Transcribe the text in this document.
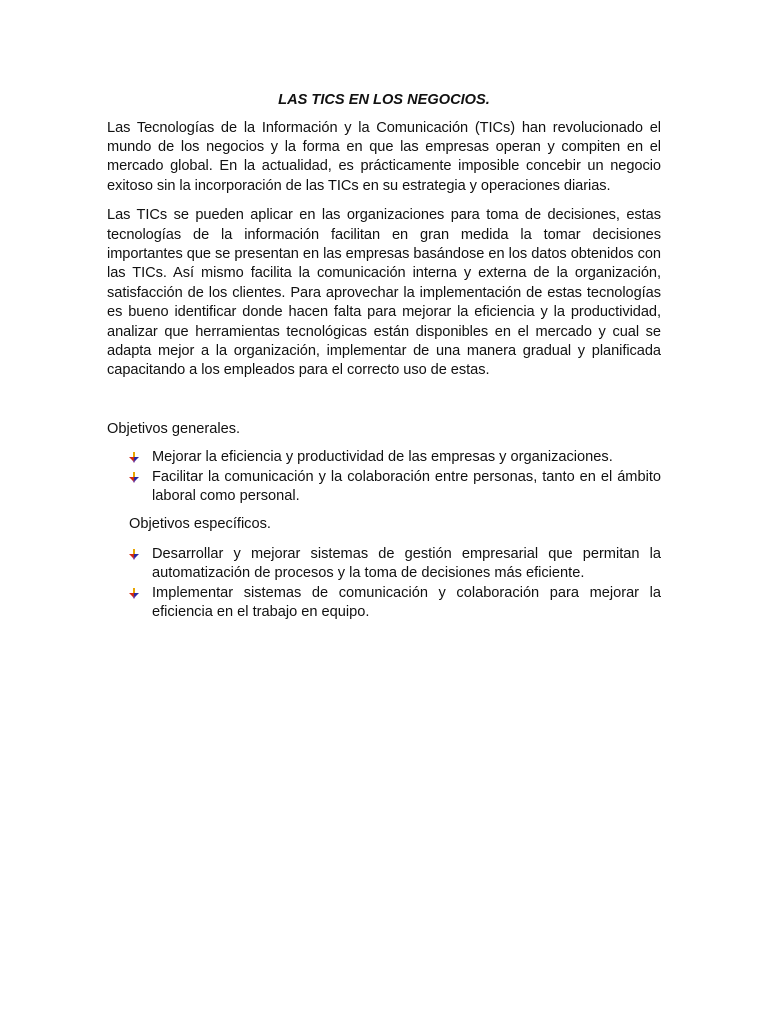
LAS TICS EN LOS NEGOCIOS.

Las Tecnologías de la Información y la Comunicación (TICs) han revolucionado el mundo de los negocios y la forma en que las empresas operan y compiten en el mercado global. En la actualidad, es prácticamente imposible concebir un negocio exitoso sin la incorporación de las TICs en su estrategia y operaciones diarias.

Las TICs se pueden aplicar en las organizaciones para toma de decisiones, estas tecnologías de la información facilitan en gran medida la tomar decisiones importantes que se presentan en las empresas basándose en los datos obtenidos con las TICs. Así mismo facilita la comunicación interna y externa de la organización, satisfacción de los clientes. Para aprovechar la implementación de estas tecnologías es bueno identificar donde hacen falta para mejorar la eficiencia y la productividad, analizar que herramientas tecnológicas están disponibles en el mercado y cual se adapta mejor a la organización, implementar de una manera gradual y planificada capacitando a los empleados para el correcto uso de estas.

Objetivos generales.

Mejorar la eficiencia y productividad de las empresas y organizaciones.
Facilitar la comunicación y la colaboración entre personas, tanto en el ámbito laboral como personal.

Objetivos específicos.

Desarrollar y mejorar sistemas de gestión empresarial que permitan la automatización de procesos y la toma de decisiones más eficiente.
Implementar sistemas de comunicación y colaboración para mejorar la eficiencia en el trabajo en equipo.
